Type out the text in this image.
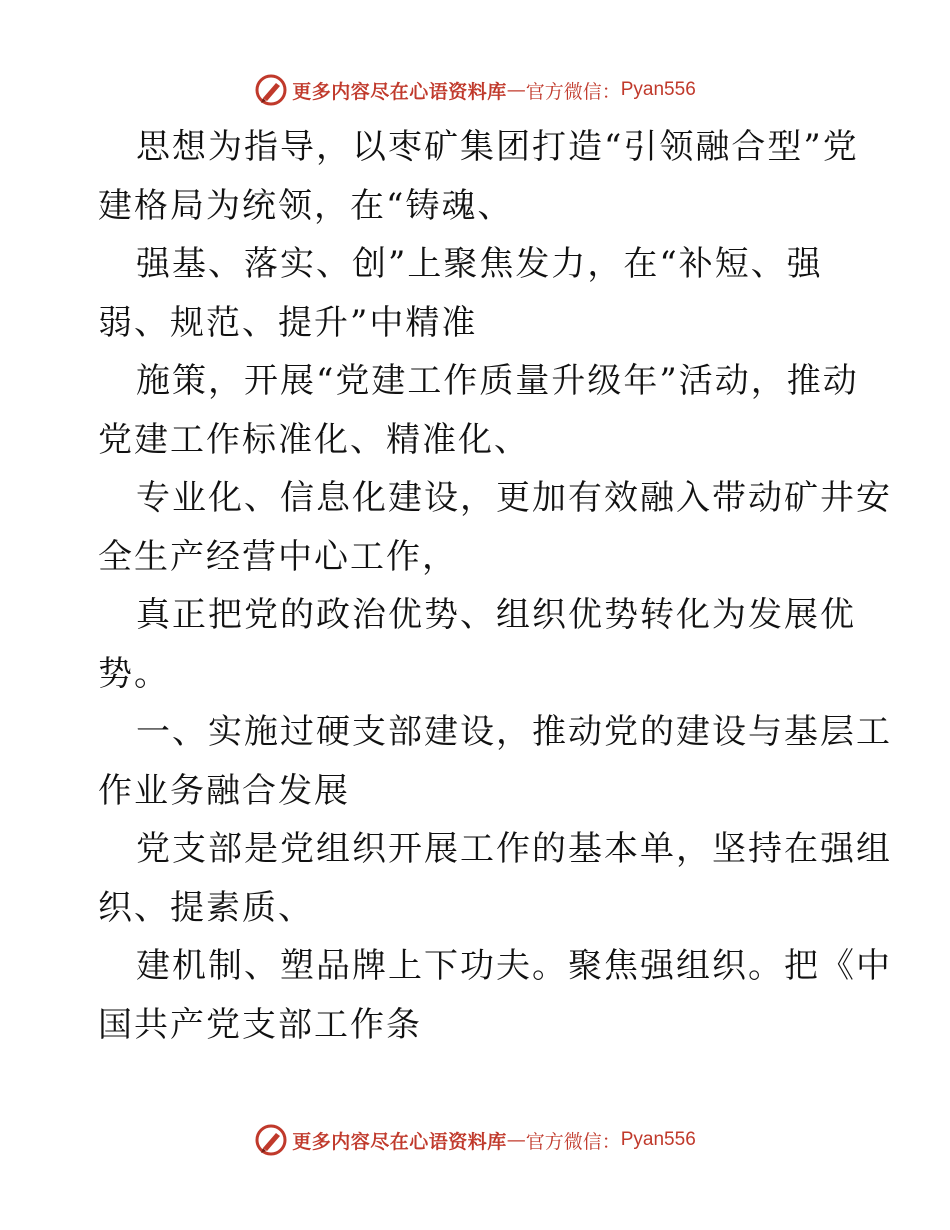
更多内容尽在心语资料库 — 官方微信： Pyan556
思想为指导，以枣矿集团打造“引领融合型”党
建格局为统领，在“铸魂、
强基、落实、创”上聚焦发力，在“补短、强
弱、规范、提升”中精准
施策，开展“党建工作质量升级年”活动，推动
党建工作标准化、精准化、
专业化、信息化建设，更加有效融入带动矿井安
全生产经营中心工作，
真正把党的政治优势、组织优势转化为发展优
势。
一、实施过硬支部建设，推动党的建设与基层工
作业务融合发展
党支部是党组织开展工作的基本单，坚持在强组
织、提素质、
建机制、塑品牌上下功夫。聚焦强组织。把《中
国共产党支部工作条
更多内容尽在心语资料库 — 官方微信： Pyan556
